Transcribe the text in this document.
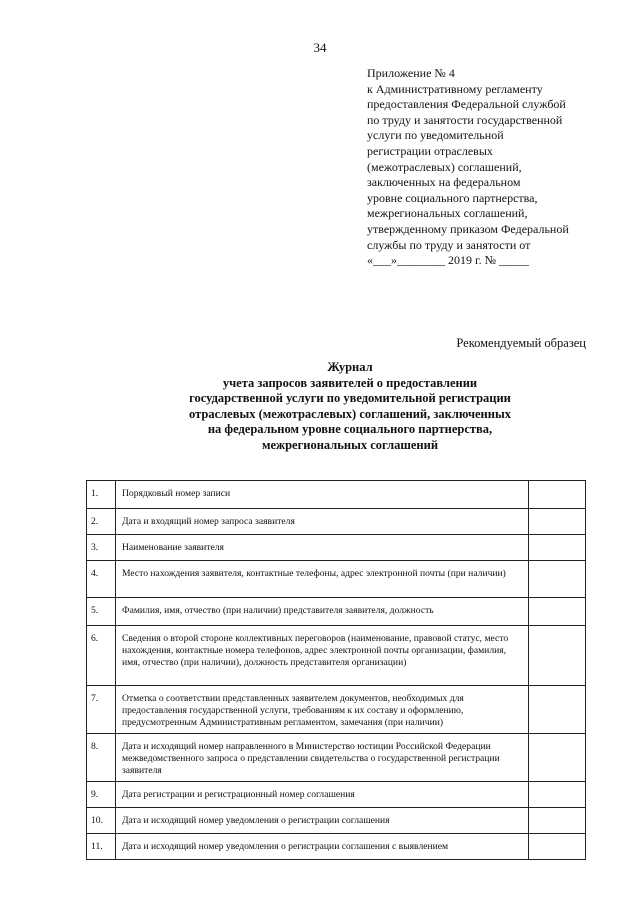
34
Приложение № 4
к Административному регламенту
предоставления Федеральной службой
по труду и занятости государственной
услуги по уведомительной
регистрации отраслевых
(межотраслевых) соглашений,
заключенных на федеральном
уровне социального партнерства,
межрегиональных соглашений,
утвержденному приказом Федеральной
службы по труду и занятости от
«___»________ 2019 г. № _____
Рекомендуемый образец
Журнал
учета запросов заявителей о предоставлении
государственной услуги по уведомительной регистрации
отраслевых (межотраслевых) соглашений, заключенных
на федеральном уровне социального партнерства,
межрегиональных соглашений
1.	Порядковый номер записи	
2.	Дата и входящий номер запроса заявителя	
3.	Наименование заявителя	
4.	Место нахождения заявителя, контактные телефоны, адрес электронной почты (при наличии)	
5.	Фамилия, имя, отчество (при наличии) представителя заявителя, должность	
6.	Сведения о второй стороне коллективных переговоров (наименование, правовой статус, место нахождения, контактные номера телефонов, адрес электронной почты организации, фамилия, имя, отчество (при наличии), должность представителя организации)	
7.	Отметка о соответствии представленных заявителем документов, необходимых для предоставления государственной услуги, требованиям к их составу и оформлению, предусмотренным Административным регламентом, замечания (при наличии)	
8.	Дата и исходящий номер направленного в Министерство юстиции Российской Федерации межведомственного запроса о представлении свидетельства о государственной регистрации заявителя	
9.	Дата регистрации и регистрационный номер соглашения	
10.	Дата и исходящий номер уведомления о регистрации соглашения	
11.	Дата и исходящий номер уведомления о регистрации соглашения с выявлением	
